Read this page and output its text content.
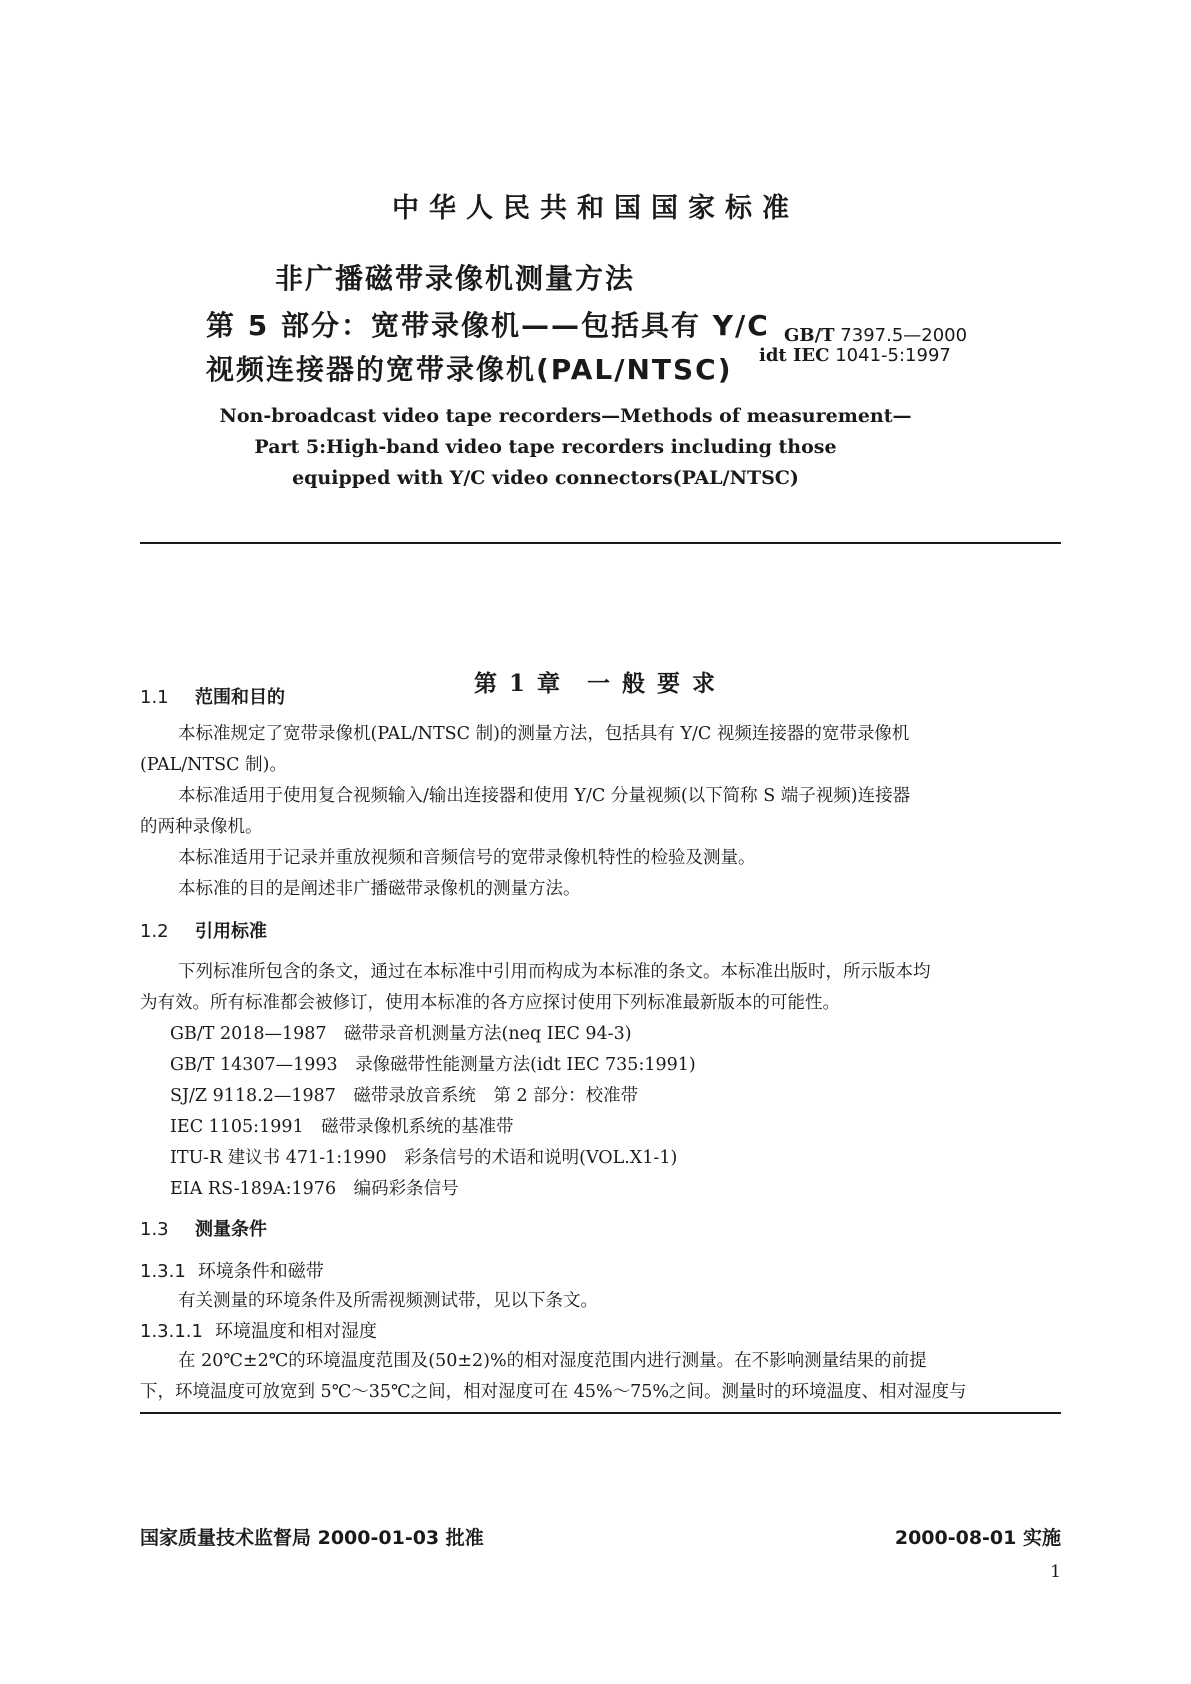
中华人民共和国国家标准
非广播磁带录像机测量方法
第 5 部分：宽带录像机——包括具有 Y/C
视频连接器的宽带录像机(PAL/NTSC)
GB/T 7397.5—2000
idt IEC 1041-5:1997
Non-broadcast video tape recorders—Methods of measurement—
Part 5:High-band video tape recorders including those
equipped with Y/C video connectors(PAL/NTSC)
第 1 章　一 般 要 求
1.1 范围和目的
本标准规定了宽带录像机(PAL/NTSC 制)的测量方法，包括具有 Y/C 视频连接器的宽带录像机
(PAL/NTSC 制)。
本标准适用于使用复合视频输入/输出连接器和使用 Y/C 分量视频(以下简称 S 端子视频)连接器
的两种录像机。
本标准适用于记录并重放视频和音频信号的宽带录像机特性的检验及测量。
本标准的目的是阐述非广播磁带录像机的测量方法。
1.2 引用标准
下列标准所包含的条文，通过在本标准中引用而构成为本标准的条文。本标准出版时，所示版本均
为有效。所有标准都会被修订，使用本标准的各方应探讨使用下列标准最新版本的可能性。
GB/T 2018—1987　磁带录音机测量方法(neq IEC 94-3)
GB/T 14307—1993　录像磁带性能测量方法(idt IEC 735:1991)
SJ/Z 9118.2—1987　磁带录放音系统　第 2 部分：校准带
IEC 1105:1991　磁带录像机系统的基准带
ITU-R 建议书 471-1:1990　彩条信号的术语和说明(VOL.X1-1)
EIA RS-189A:1976　编码彩条信号
1.3 测量条件
1.3.1 环境条件和磁带
有关测量的环境条件及所需视频测试带，见以下条文。
1.3.1.1 环境温度和相对湿度
在 20℃±2℃的环境温度范围及(50±2)%的相对湿度范围内进行测量。在不影响测量结果的前提
下，环境温度可放宽到 5℃～35℃之间，相对湿度可在 45%～75%之间。测量时的环境温度、相对湿度与
国家质量技术监督局 2000-01-03 批准	2000-08-01 实施
1
